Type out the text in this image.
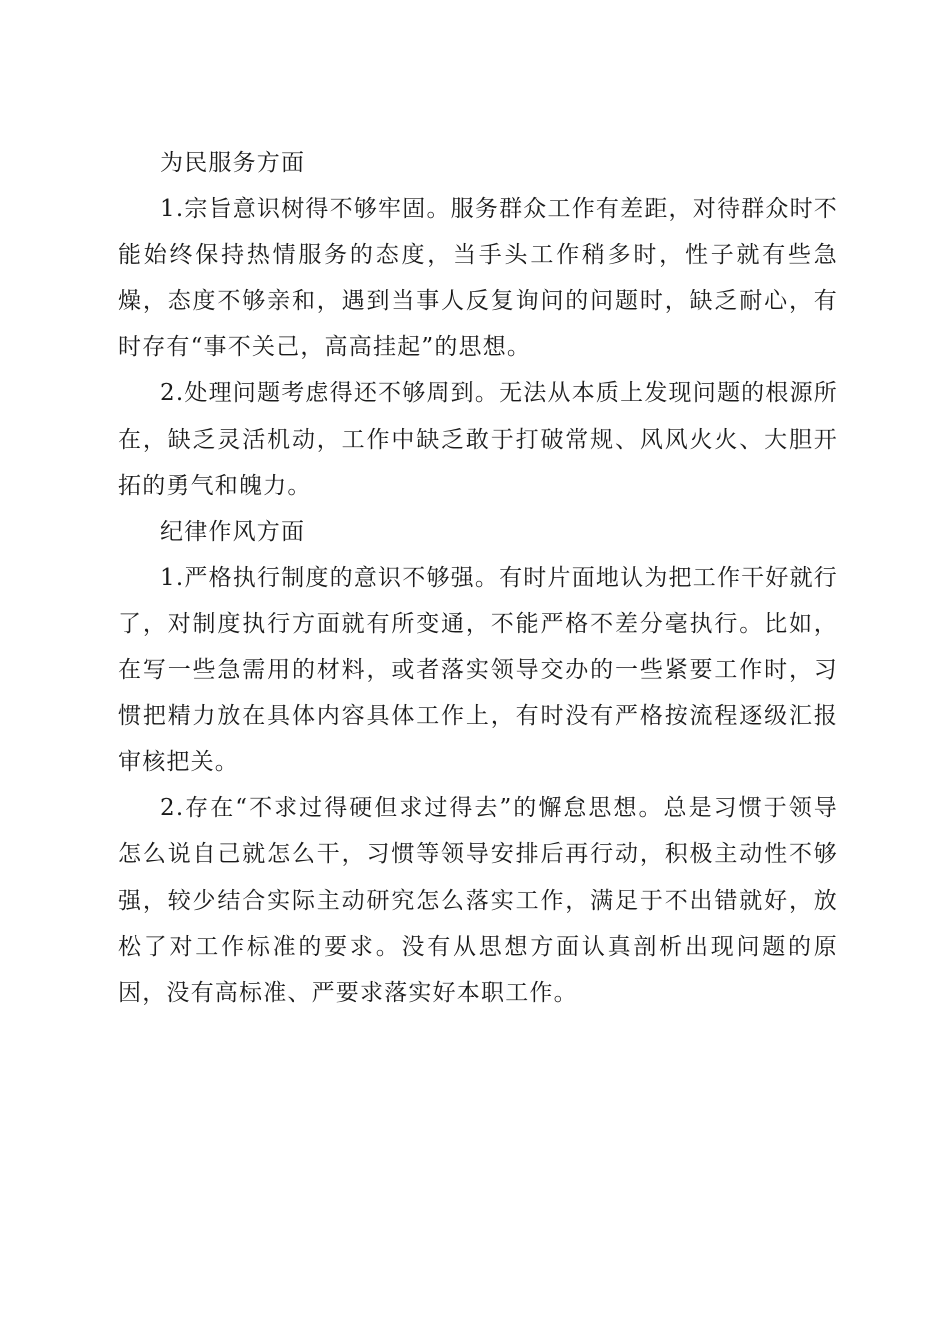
为民服务方面

1.宗旨意识树得不够牢固。服务群众工作有差距，对待群众时不能始终保持热情服务的态度，当手头工作稍多时，性子就有些急燥，态度不够亲和，遇到当事人反复询问的问题时，缺乏耐心，有时存有“事不关己，高高挂起”的思想。

2.处理问题考虑得还不够周到。无法从本质上发现问题的根源所在，缺乏灵活机动，工作中缺乏敢于打破常规、风风火火、大胆开拓的勇气和魄力。

纪律作风方面

1.严格执行制度的意识不够强。有时片面地认为把工作干好就行了，对制度执行方面就有所变通，不能严格不差分毫执行。比如，在写一些急需用的材料，或者落实领导交办的一些紧要工作时，习惯把精力放在具体内容具体工作上，有时没有严格按流程逐级汇报审核把关。

2.存在“不求过得硬但求过得去”的懈怠思想。总是习惯于领导怎么说自己就怎么干，习惯等领导安排后再行动，积极主动性不够强，较少结合实际主动研究怎么落实工作，满足于不出错就好，放松了对工作标准的要求。没有从思想方面认真剖析出现问题的原因，没有高标准、严要求落实好本职工作。
